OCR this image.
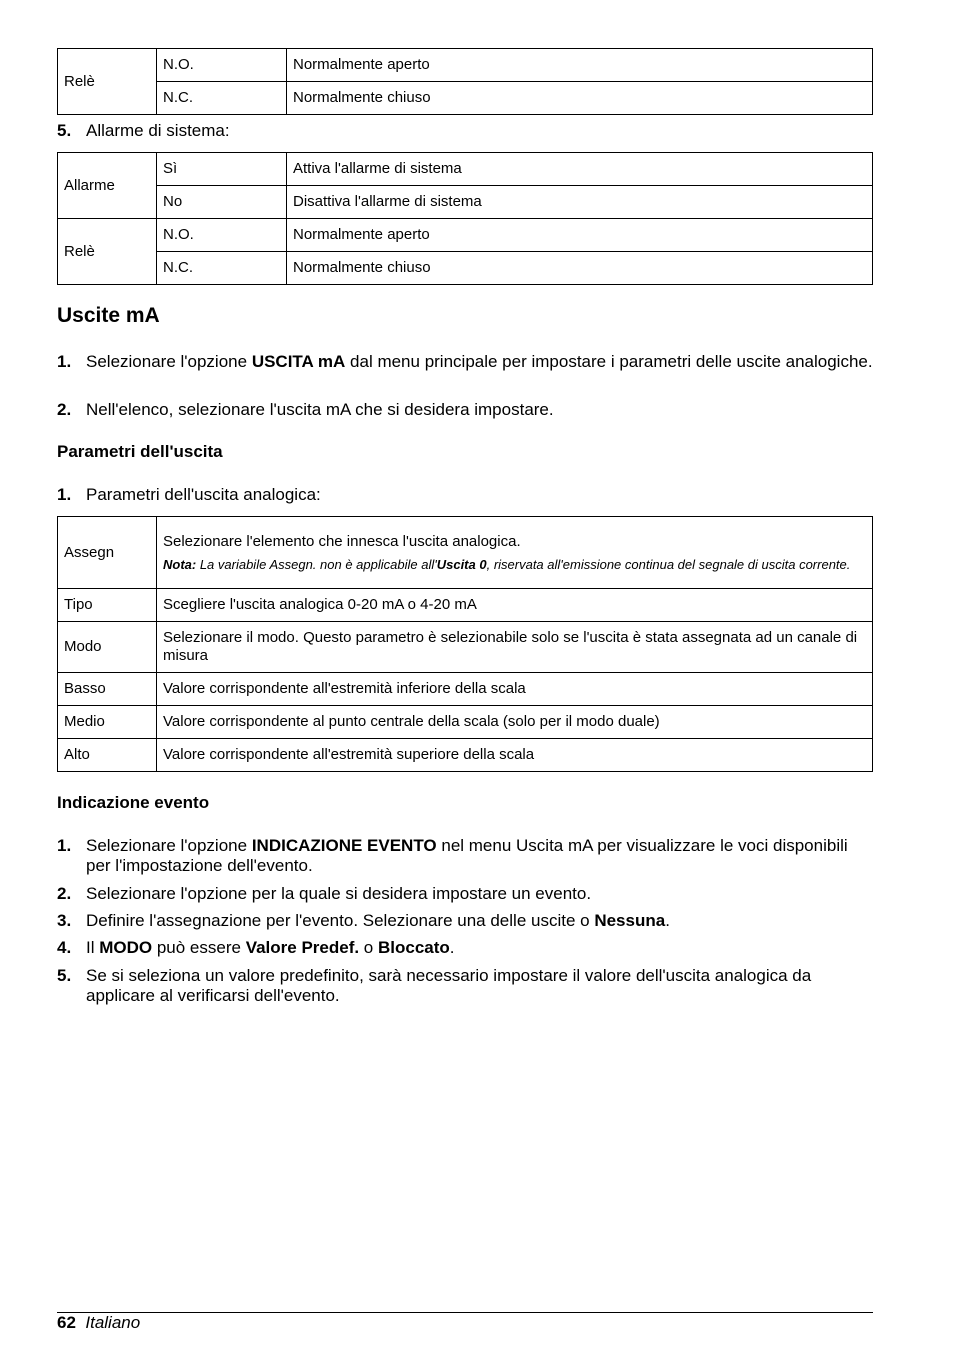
Relè	N.O.	Normalmente aperto
	N.C.	Normalmente chiuso
5. Allarme di sistema:
Allarme	Sì	Attiva l'allarme di sistema
	No	Disattiva l'allarme di sistema
Relè	N.O.	Normalmente aperto
	N.C.	Normalmente chiuso
Uscite mA
1. Selezionare l'opzione USCITA mA dal menu principale per impostare i parametri delle uscite analogiche.
2. Nell'elenco, selezionare l'uscita mA che si desidera impostare.
Parametri dell'uscita
1. Parametri dell'uscita analogica:
Assegn	Selezionare l'elemento che innesca l'uscita analogica.
Nota: La variabile Assegn. non è applicabile all'Uscita 0, riservata all'emissione continua del segnale di uscita corrente.

Tipo	Scegliere l'uscita analogica 0-20 mA o 4-20 mA
Modo	Selezionare il modo. Questo parametro è selezionabile solo se l'uscita è stata assegnata ad un canale di misura
Basso	Valore corrispondente all'estremità inferiore della scala
Medio	Valore corrispondente al punto centrale della scala (solo per il modo duale)
Alto	Valore corrispondente all'estremità superiore della scala
Indicazione evento
1. Selezionare l'opzione INDICAZIONE EVENTO nel menu Uscita mA per visualizzare le voci disponibili per l'impostazione dell'evento.
2. Selezionare l'opzione per la quale si desidera impostare un evento.
3. Definire l'assegnazione per l'evento. Selezionare una delle uscite o Nessuna.
4. Il MODO può essere Valore Predef. o Bloccato.
5. Se si seleziona un valore predefinito, sarà necessario impostare il valore dell'uscita analogica da applicare al verificarsi dell'evento.
62 Italiano
